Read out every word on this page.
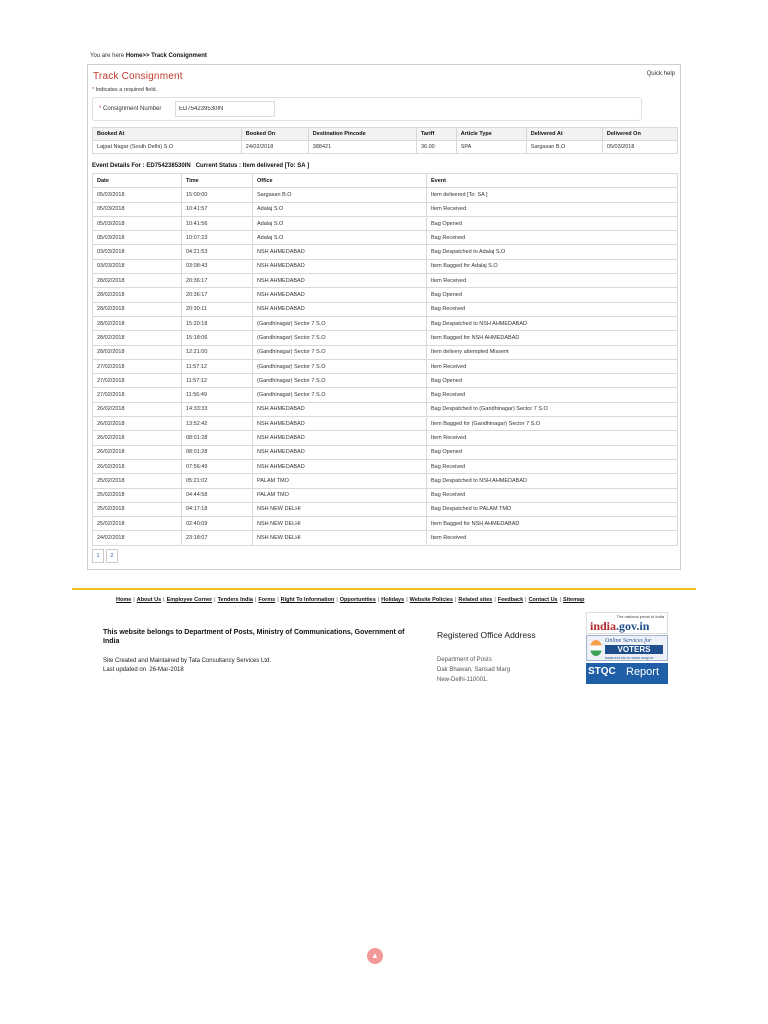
You are here Home>> Track Consignment
Track Consignment	Quick help
* Indicates a required field.
* Consignment Number
ED754239530IN
Booked At	Booked On	Destination Pincode	Tariff	Article Type	Delivered At	Delivered On
Lajpat Nagar (South Delhi) S.O	24/02/2018	388421	36.00	SPA	Sargasan B.O	05/03/2018
Event Details For : ED754238530IN   Current Status : Item delivered [To: SA ]
Date	Time	Office	Event
05/03/2018	15:00:00	Sargasan B.O	Item delivered [To: SA ]
05/03/2018	10:41:57	Adalaj S.O	Item Received
05/03/2018	10:41:56	Adalaj S.O	Bag Opened
05/03/2018	10:07:23	Adalaj S.O	Bag Received
03/03/2018	04:21:53	NSH AHMEDABAD	Bag Despatched to Adalaj S.O
03/03/2018	03:08:43	NSH AHMEDABAD	Item Bagged for Adalaj S.O
28/02/2018	20:36:17	NSH AHMEDABAD	Item Received
28/02/2018	20:36:17	NSH AHMEDABAD	Bag Opened
28/02/2018	20:30:11	NSH AHMEDABAD	Bag Received
28/02/2018	15:20:18	(Gandhinagar) Sector 7 S.O	Bag Despatched to NSH AHMEDABAD
28/02/2018	15:18:06	(Gandhinagar) Sector 7 S.O	Item Bagged for NSH AHMEDABAD
28/02/2018	12:21:00	(Gandhinagar) Sector 7 S.O	Item delivery attempted Missent
27/02/2018	11:57:12	(Gandhinagar) Sector 7 S.O	Item Received
27/02/2018	11:57:12	(Gandhinagar) Sector 7 S.O	Bag Opened
27/02/2018	11:56:49	(Gandhinagar) Sector 7 S.O	Bag Received
26/02/2018	14:33:33	NSH AHMEDABAD	Bag Despatched to (Gandhinagar) Sector 7 S.O
26/02/2018	13:52:42	NSH AHMEDABAD	Item Bagged for (Gandhinagar) Sector 7 S.O
26/02/2018	08:01:28	NSH AHMEDABAD	Item Received
26/02/2018	08:01:28	NSH AHMEDABAD	Bag Opened
26/02/2018	07:56:49	NSH AHMEDABAD	Bag Received
25/02/2018	05:21:02	PALAM TMO	Bag Despatched to NSH AHMEDABAD
25/02/2018	04:44:58	PALAM TMO	Bag Received
25/02/2018	04:17:18	NSH NEW DELHI	Bag Despatched to PALAM TMO
25/02/2018	02:40:09	NSH NEW DELHI	Item Bagged for NSH AHMEDABAD
24/02/2018	23:18:07	NSH NEW DELHI	Item Received
1	2
Home | About Us | Employee Corner | Tenders India | Forms | Right To Information | Opportunities | Holidays | Website Policies | Related sites | Feedback | Contact Us | Sitemap
This website belongs to Department of Posts, Ministry of Communications, Government of India
Site Created and Maintained by Tata Consultancy Services Ltd.
Last updated on  26-Mar-2018
Registered Office Address
Department of Posts
Dak Bhawan, Sansad Marg
New-Delhi-110001.
The national portal of India
india.gov.in
Online Services for
VOTERS
www.eci.nic.in www.nvsp.in
STQC Report
▲
